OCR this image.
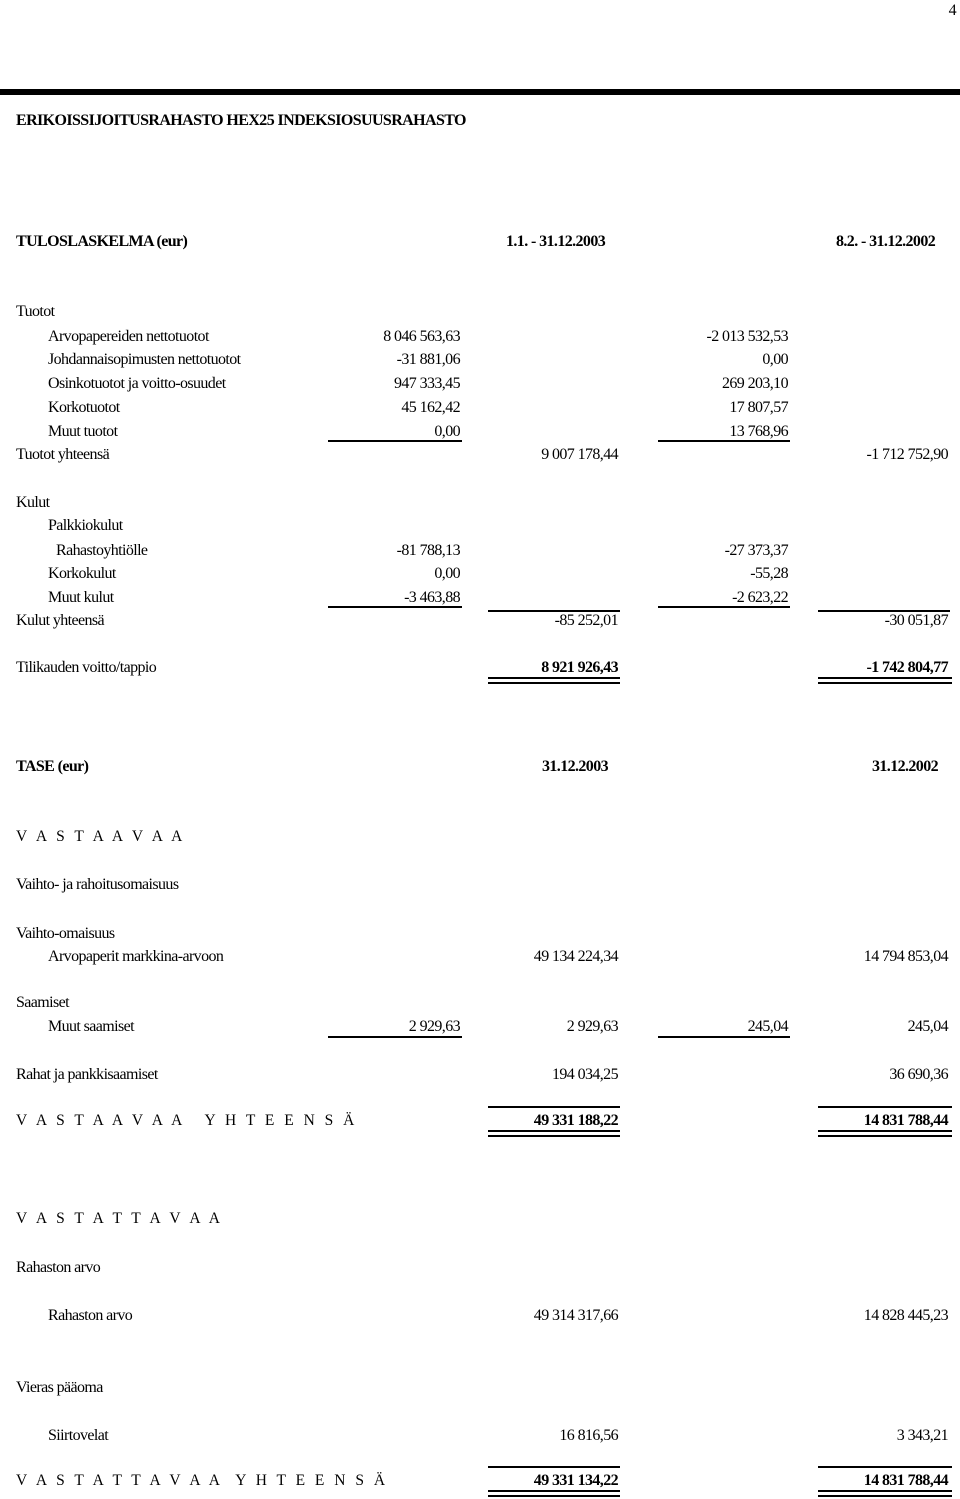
4
ERIKOISSIJOITUSRAHASTO HEX25 INDEKSIOSUUSRAHASTO
TULOSLASKELMA (eur)	1.1. - 31.12.2003	8.2. - 31.12.2002
Tuotot
Arvopapereiden nettotuotot	8 046 563,63	-2 013 532,53
Johdannaisopimusten nettotuotot	-31 881,06	0,00
Osinkotuotot ja voitto-osuudet	947 333,45	269 203,10
Korkotuotot	45 162,42	17 807,57
Muut tuotot	0,00	13 768,96
Tuotot yhteensä	9 007 178,44	-1 712 752,90
Kulut
Palkkiokulut
Rahastoyhtiölle	-81 788,13	-27 373,37
Korkokulut	0,00	-55,28
Muut kulut	-3 463,88	-2 623,22
Kulut yhteensä	-85 252,01	-30 051,87
Tilikauden voitto/tappio	8 921 926,43	-1 742 804,77
TASE (eur)	31.12.2003	31.12.2002
V A S T A A V A A
Vaihto- ja rahoitusomaisuus
Vaihto-omaisuus
Arvopaperit markkina-arvoon	49 134 224,34	14 794 853,04
Saamiset
Muut saamiset	2 929,63	2 929,63	245,04	245,04
Rahat ja pankkisaamiset	194 034,25	36 690,36
V A S T A A V A A   Y H T E E N S Ä	49 331 188,22	14 831 788,44
V A S T A T T A V A A
Rahaston arvo
Rahaston arvo	49 314 317,66	14 828 445,23
Vieras pääoma
Siirtovelat	16 816,56	3 343,21
V A S T A T T A V A A  Y H T E E N S Ä	49 331 134,22	14 831 788,44
